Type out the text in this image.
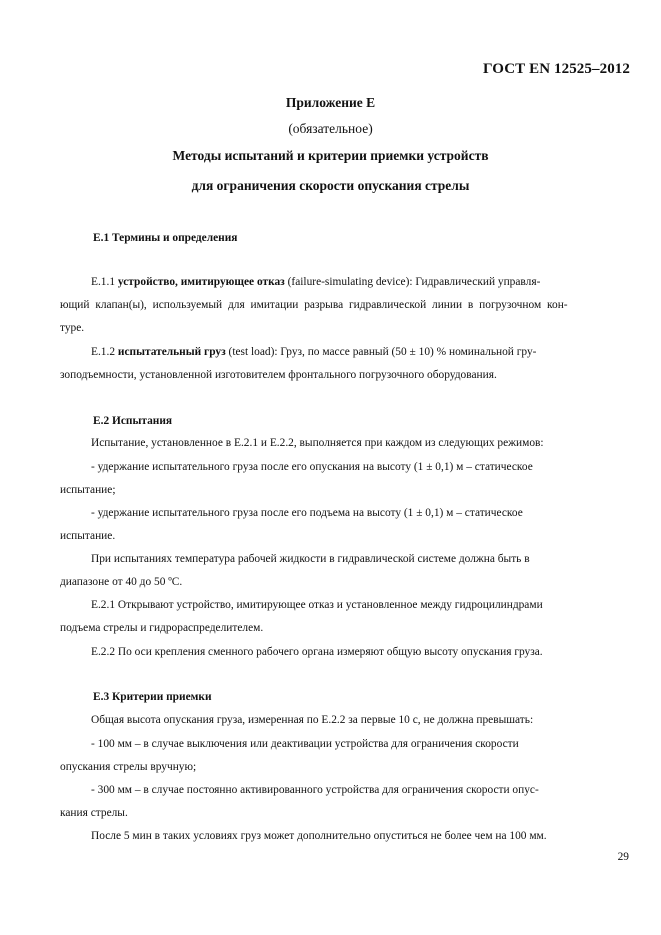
ГОСТ EN 12525–2012
Приложение Е
(обязательное)
Методы испытаний и критерии приемки устройств
для ограничения скорости опускания стрелы
Е.1 Термины и определения
Е.1.1 устройство, имитирующее отказ (failure-simulating device): Гидравлический управля-
ющий клапан(ы), используемый для имитации разрыва гидравлической линии в погрузочном кон-
туре.
Е.1.2 испытательный груз (test load): Груз, по массе равный (50 ± 10) % номинальной гру-
зоподъемности, установленной изготовителем фронтального погрузочного оборудования.
Е.2 Испытания
Испытание, установленное в Е.2.1 и Е.2.2, выполняется при каждом из следующих режимов:
- удержание испытательного груза после его опускания на высоту (1 ± 0,1) м – статическое
испытание;
- удержание испытательного груза после его подъема на высоту (1 ± 0,1) м – статическое
испытание.
При испытаниях температура рабочей жидкости в гидравлической системе должна быть в
диапазоне от 40 до 50 ºС.
Е.2.1 Открывают устройство, имитирующее отказ и установленное между гидроцилиндрами
подъема стрелы и гидрораспределителем.
Е.2.2 По оси крепления сменного рабочего органа измеряют общую высоту опускания груза.
Е.3 Критерии приемки
Общая высота опускания груза, измеренная по Е.2.2 за первые 10 с, не должна превышать:
- 100 мм – в случае выключения или деактивации устройства для ограничения скорости
опускания стрелы вручную;
- 300 мм – в случае постоянно активированного устройства для ограничения скорости опус-
кания стрелы.
После 5 мин в таких условиях груз может дополнительно опуститься не более чем на 100 мм.
29
